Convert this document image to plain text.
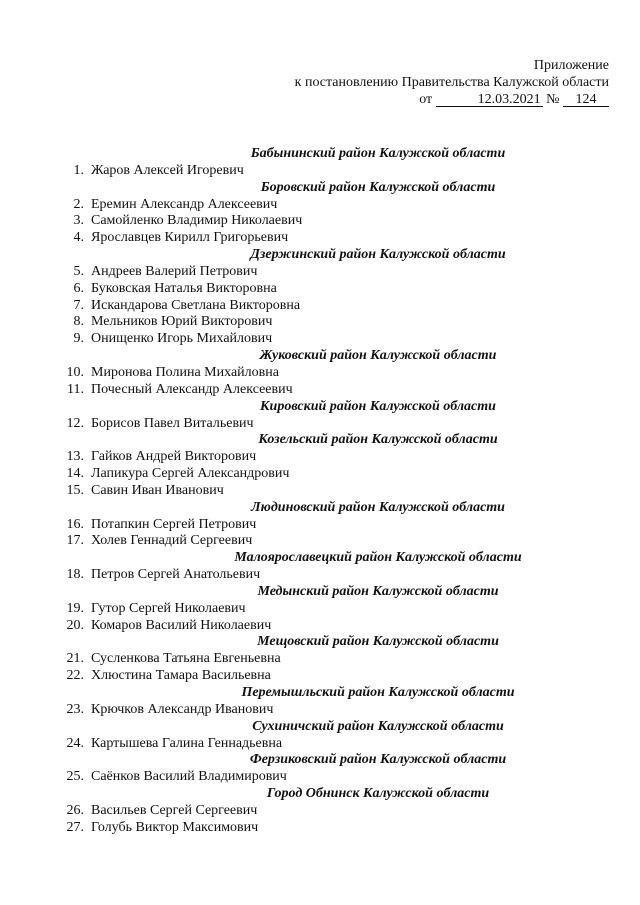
Приложение
к постановлению Правительства Калужской области
от	12.03.2021 № 124
Бабынинский район Калужской области
1. Жаров Алексей Игоревич
Боровский район Калужской области
2. Еремин Александр Алексеевич
3. Самойленко Владимир Николаевич
4. Ярославцев Кирилл Григорьевич
Дзержинский район Калужской области
5. Андреев Валерий Петрович
6. Буковская Наталья Викторовна
7. Искандарова Светлана Викторовна
8. Мельников Юрий Викторович
9. Онищенко Игорь Михайлович
Жуковский район Калужской области
10. Миронова Полина Михайловна
11. Почесный Александр Алексеевич
Кировский район Калужской области
12. Борисов Павел Витальевич
Козельский район Калужской области
13. Гайков Андрей Викторович
14. Лапикура Сергей Александрович
15. Савин Иван Иванович
Людиновский район Калужской области
16. Потапкин Сергей Петрович
17. Холев Геннадий Сергеевич
Малоярославецкий район Калужской области
18. Петров Сергей Анатольевич
Медынский район Калужской области
19. Гутор Сергей Николаевич
20. Комаров Василий Николаевич
Мещовский район Калужской области
21. Сусленкова Татьяна Евгеньевна
22. Хлюстина Тамара Васильевна
Перемышльский район Калужской области
23. Крючков Александр Иванович
Сухиничский район Калужской области
24. Картышева Галина Геннадьевна
Ферзиковский район Калужской области
25. Саёнков Василий Владимирович
Город Обнинск Калужской области
26. Васильев Сергей Сергеевич
27. Голубь Виктор Максимович
